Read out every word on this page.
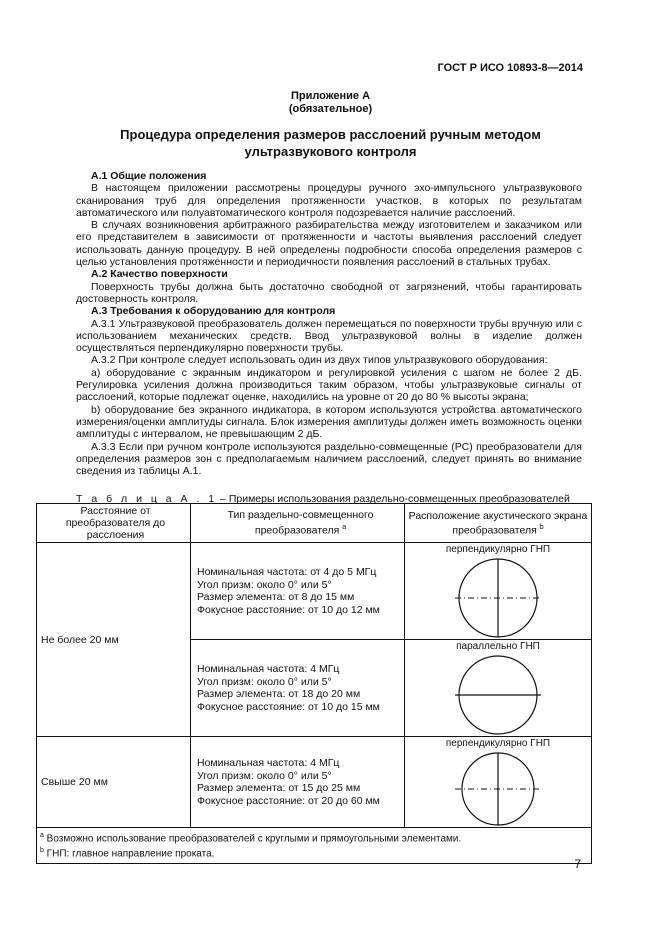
ГОСТ Р ИСО 10893-8—2014
Приложение А
(обязательное)
Процедура определения размеров расслоений ручным методом ультразвукового контроля

А.1 Общие положения

В настоящем приложении рассмотрены процедуры ручного эхо-импульсного ультразвукового сканирования труб для определения протяженности участков, в которых по результатам автоматического или полуавтоматического контроля подозревается наличие расслоений.

В случаях возникновения арбитражного разбирательства между изготовителем и заказчиком или его представителем в зависимости от протяженности и частоты выявления расслоений следует использовать данную процедуру. В ней определены подробности способа определения размеров с целью установления протяженности и периодичности появления расслоений в стальных трубах.

А.2 Качество поверхности

Поверхность трубы должна быть достаточно свободной от загрязнений, чтобы гарантировать достоверность контроля.

А.3 Требования к оборудованию для контроля

А.3.1 Ультразвуковой преобразователь должен перемещаться по поверхности трубы вручную или с использованием механических средств. Ввод ультразвуковой волны в изделие должен осуществляться перпендикулярно поверхности трубы.

А.3.2 При контроле следует использовать один из двух типов ультразвукового оборудования:

а) оборудование с экранным индикатором и регулировкой усиления с шагом не более 2 дБ. Регулировка усиления должна производиться таким образом, чтобы ультразвуковые сигналы от расслоений, которые подлежат оценке, находились на уровне от 20 до 80 % высоты экрана;

b) оборудование без экранного индикатора, в котором используются устройства автоматического измерения/оценки амплитуды сигнала. Блок измерения амплитуды должен иметь возможность оценки амплитуды с интервалом, не превышающим 2 дБ.

А.3.3 Если при ручном контроле используются раздельно-совмещенные (РС) преобразователи для определения размеров зон с предполагаемым наличием расслоений, следует принять во внимание сведения из таблицы А.1.

Т а б л и ц а А . 1 – Примеры использования раздельно-совмещенных преобразователей
Расстояние от преобразователя до расслоения	Тип раздельно-совмещенного преобразователя $^a$	Расположение акустического экрана преобразователя $^b$
Не более 20 мм	Номинальная частота: от 4 до 5 МГц
Угол призм: около 0° или 5°
Размер элемента: от 8 до 15 мм
Фокусное расстояние: от 10 до 12 мм	перпендикулярно ГНП

	Номинальная частота: 4 МГц
Угол призм: около 0° или 5°
Размер элемента: от 18 до 20 мм
Фокусное расстояние: от 10 до 15 мм	параллельно ГНП

Свыше 20 мм	Номинальная частота: 4 МГц
Угол призм: около 0° или 5°
Размер элемента: от 15 до 25 мм
Фокусное расстояние: от 20 до 60 мм	перпендикулярно ГНП

$^a$ Возможно использование преобразователей с круглыми и прямоугольными элементами.
$^b$ ГНП: главное направление проката.		
7
